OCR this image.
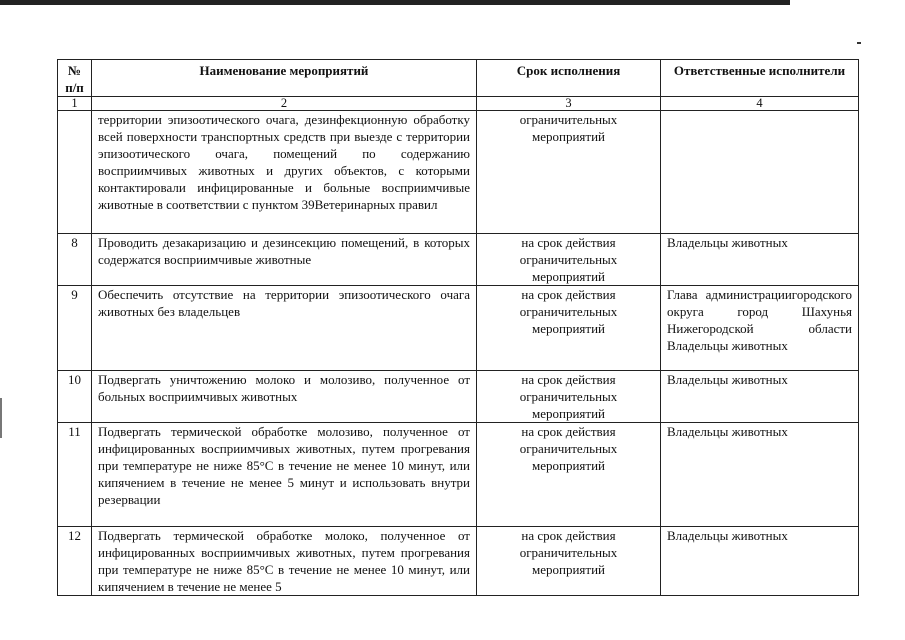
№ п/п	Наименование мероприятий	Срок исполнения	Ответственные исполнители
1	2	3	4
	территории эпизоотического очага, дезинфекционную обработку всей поверхности транспортных средств при выезде с территории эпизоотического очага, помещений по содержанию восприимчивых животных и других объектов, с которыми контактировали инфицированные и больные восприимчивые животные в соответствии с пунктом 39Ветеринарных правил	ограничительных мероприятий	
8	Проводить дезакаризацию и дезинсекцию помещений, в которых содержатся восприимчивые животные	на срок действия ограничительных мероприятий	Владельцы животных
9	Обеспечить отсутствие на территории эпизоотического очага животных без владельцев	на срок действия ограничительных мероприятий	Глава администрациигородского округа город Шахунья Нижегородской области Владельцы животных
10	Подвергать уничтожению молоко и молозиво, полученное от больных восприимчивых животных	на срок действия ограничительных мероприятий	Владельцы животных
11	Подвергать термической обработке молозиво, полученное от инфицированных восприимчивых животных, путем прогревания при температуре не ниже 85°С в течение не менее 10 минут, или кипячением в течение не менее 5 минут и использовать внутри резервации	на срок действия ограничительных мероприятий	Владельцы животных
12	Подвергать термической обработке молоко, полученное от инфицированных восприимчивых животных, путем прогревания при температуре не ниже 85°С в течение не менее 10 минут, или кипячением в течение не менее 5	на срок действия ограничительных мероприятий	Владельцы животных
